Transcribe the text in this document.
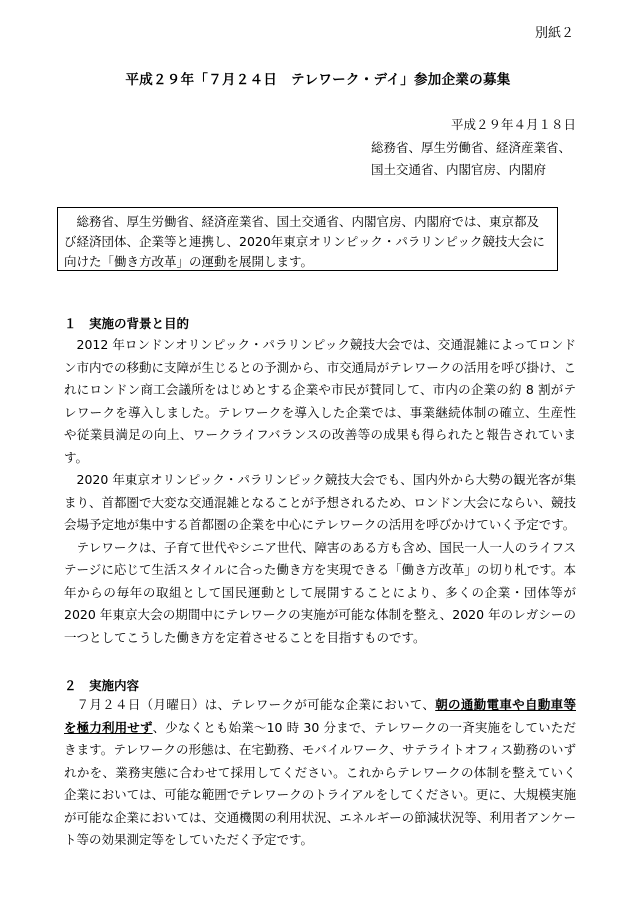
別紙２
平成２９年「７月２４日　テレワーク・デイ」参加企業の募集
平成２９年４月１８日
総務省、厚生労働省、経済産業省、
国土交通省、内閣官房、内閣府
総務省、厚生労働省、経済産業省、国土交通省、内閣官房、内閣府では、東京都及び経済団体、企業等と連携し、2020年東京オリンピック・パラリンピック競技大会に向けた「働き方改革」の運動を展開します。
１　実施の背景と目的

2012 年ロンドンオリンピック・パラリンピック競技大会では、交通混雑によってロンドン市内での移動に支障が生じるとの予測から、市交通局がテレワークの活用を呼び掛け、これにロンドン商工会議所をはじめとする企業や市民が賛同して、市内の企業の約 8 割がテレワークを導入しました。テレワークを導入した企業では、事業継続体制の確立、生産性や従業員満足の向上、ワークライフバランスの改善等の成果も得られたと報告されています。

2020 年東京オリンピック・パラリンピック競技大会でも、国内外から大勢の観光客が集まり、首都圏で大変な交通混雑となることが予想されるため、ロンドン大会にならい、競技会場予定地が集中する首都圏の企業を中心にテレワークの活用を呼びかけていく予定です。

テレワークは、子育て世代やシニア世代、障害のある方も含め、国民一人一人のライフステージに応じて生活スタイルに合った働き方を実現できる「働き方改革」の切り札です。本年からの毎年の取組として国民運動として展開することにより、多くの企業・団体等が 2020 年東京大会の期間中にテレワークの実施が可能な体制を整え、2020 年のレガシーの一つとしてこうした働き方を定着させることを目指すものです。

２　実施内容

７月２４日（月曜日）は、テレワークが可能な企業において、朝の通勤電車や自動車等を極力利用せず、少なくとも始業～10 時 30 分まで、テレワークの一斉実施をしていただきます。テレワークの形態は、在宅勤務、モバイルワーク、サテライトオフィス勤務のいずれかを、業務実態に合わせて採用してください。これからテレワークの体制を整えていく企業においては、可能な範囲でテレワークのトライアルをしてください。更に、大規模実施が可能な企業においては、交通機関の利用状況、エネルギーの節減状況等、利用者アンケート等の効果測定等をしていただく予定です。
